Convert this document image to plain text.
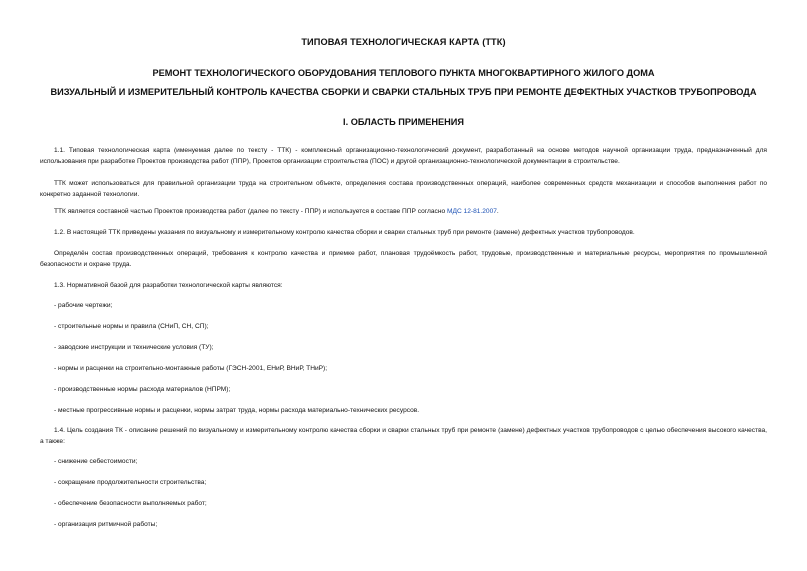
ТИПОВАЯ ТЕХНОЛОГИЧЕСКАЯ КАРТА (ТТК)
РЕМОНТ ТЕХНОЛОГИЧЕСКОГО ОБОРУДОВАНИЯ ТЕПЛОВОГО ПУНКТА МНОГОКВАРТИРНОГО ЖИЛОГО ДОМА
ВИЗУАЛЬНЫЙ И ИЗМЕРИТЕЛЬНЫЙ КОНТРОЛЬ КАЧЕСТВА СБОРКИ И СВАРКИ СТАЛЬНЫХ ТРУБ ПРИ РЕМОНТЕ ДЕФЕКТНЫХ УЧАСТКОВ ТРУБОПРОВОДА
I. ОБЛАСТЬ ПРИМЕНЕНИЯ
1.1. Типовая технологическая карта (именуемая далее по тексту - ТТК) - комплексный организационно-технологический документ, разработанный на основе методов научной организации труда, предназначенный для использования при разработке Проектов производства работ (ППР), Проектов организации строительства (ПОС) и другой организационно-технологической документации в строительстве.
ТТК может использоваться для правильной организации труда на строительном объекте, определения состава производственных операций, наиболее современных средств механизации и способов выполнения работ по конкретно заданной технологии.
ТТК является составной частью Проектов производства работ (далее по тексту - ППР) и используется в составе ППР согласно МДС 12-81.2007.
1.2. В настоящей ТТК приведены указания по визуальному и измерительному контролю качества сборки и сварки стальных труб при ремонте (замене) дефектных участков трубопроводов.
Определён состав производственных операций, требования к контролю качества и приемке работ, плановая трудоёмкость работ, трудовые, производственные и материальные ресурсы, мероприятия по промышленной безопасности и охране труда.
1.3. Нормативной базой для разработки технологической карты являются:
- рабочие чертежи;
- строительные нормы и правила (СНиП, СН, СП);
- заводские инструкции и технические условия (ТУ);
- нормы и расценки на строительно-монтажные работы (ГЭСН-2001, ЕНиР, ВНиР, ТНиР);
- производственные нормы расхода материалов (НПРМ);
- местные прогрессивные нормы и расценки, нормы затрат труда, нормы расхода материально-технических ресурсов.
1.4. Цель создания ТК - описание решений по визуальному и измерительному контролю качества сборки и сварки стальных труб при ремонте (замене) дефектных участков трубопроводов с целью обеспечения высокого качества, а также:
- снижение себестоимости;
- сокращение продолжительности строительства;
- обеспечение безопасности выполняемых работ;
- организация ритмичной работы;
